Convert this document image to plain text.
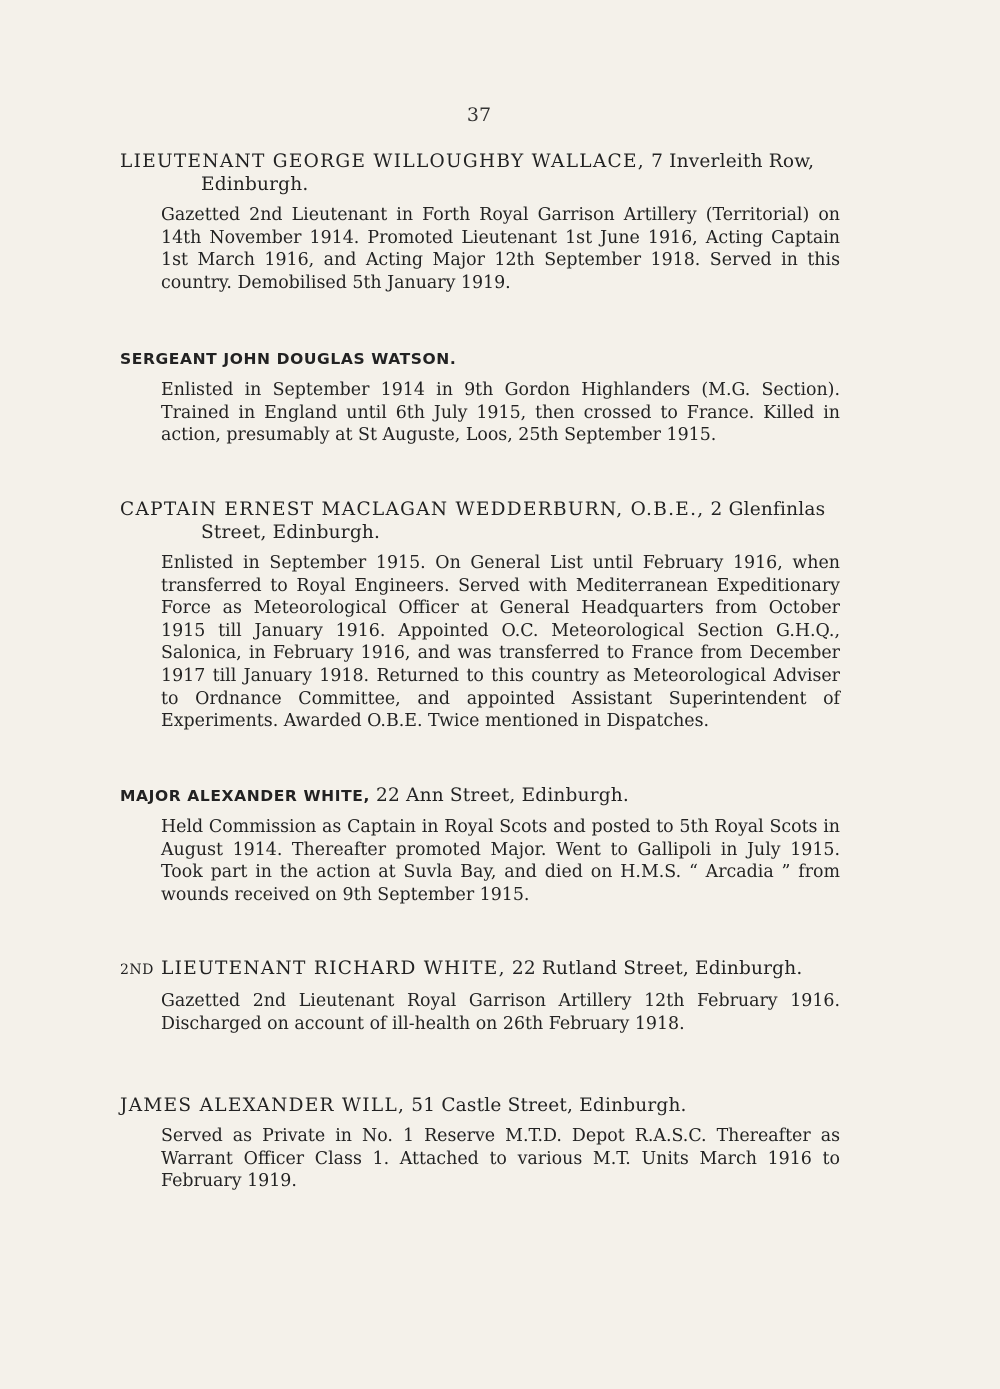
37

LIEUTENANT GEORGE WILLOUGHBY WALLACE, 7 Inverleith Row, Edinburgh.

Gazetted 2nd Lieutenant in Forth Royal Garrison Artillery (Territorial) on 14th November 1914. Promoted Lieutenant 1st June 1916, Acting Captain 1st March 1916, and Acting Major 12th September 1918. Served in this country. Demobilised 5th January 1919.

SERGEANT JOHN DOUGLAS WATSON.

Enlisted in September 1914 in 9th Gordon Highlanders (M.G. Section). Trained in England until 6th July 1915, then crossed to France. Killed in action, presumably at St Auguste, Loos, 25th September 1915.

CAPTAIN ERNEST MACLAGAN WEDDERBURN, O.B.E., 2 Glenfinlas Street, Edinburgh.

Enlisted in September 1915. On General List until February 1916, when transferred to Royal Engineers. Served with Mediterranean Expeditionary Force as Meteorological Officer at General Headquarters from October 1915 till January 1916. Appointed O.C. Meteorological Section G.H.Q., Salonica, in February 1916, and was transferred to France from December 1917 till January 1918. Returned to this country as Meteorological Adviser to Ordnance Committee, and appointed Assistant Superintendent of Experiments. Awarded O.B.E. Twice mentioned in Dispatches.

MAJOR ALEXANDER WHITE, 22 Ann Street, Edinburgh.

Held Commission as Captain in Royal Scots and posted to 5th Royal Scots in August 1914. Thereafter promoted Major. Went to Gallipoli in July 1915. Took part in the action at Suvla Bay, and died on H.M.S. “ Arcadia ” from wounds received on 9th September 1915.

2ND LIEUTENANT RICHARD WHITE, 22 Rutland Street, Edinburgh.

Gazetted 2nd Lieutenant Royal Garrison Artillery 12th February 1916. Discharged on account of ill-health on 26th February 1918.

JAMES ALEXANDER WILL, 51 Castle Street, Edinburgh.

Served as Private in No. 1 Reserve M.T.D. Depot R.A.S.C. Thereafter as Warrant Officer Class 1. Attached to various M.T. Units March 1916 to February 1919.
